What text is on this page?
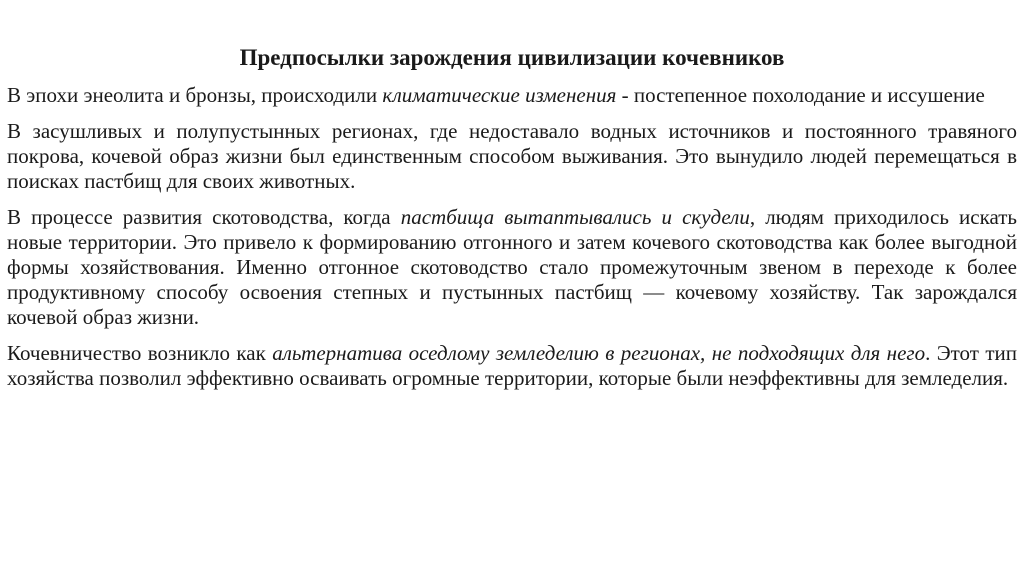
Предпосылки зарождения цивилизации кочевников
В эпохи энеолита и бронзы, происходили климатические изменения - постепенное похолодание и иссушение
В засушливых и полупустынных регионах, где недоставало водных источников и постоянного травяного покрова, кочевой образ жизни был единственным способом выживания. Это вынудило людей перемещаться в поисках пастбищ для своих животных.
В процессе развития скотоводства, когда пастбища вытаптывались и скудели, людям приходилось искать новые территории. Это привело к формированию отгонного и затем кочевого скотоводства как более выгодной формы хозяйствования. Именно отгонное скотоводство стало промежуточным звеном в переходе к более продуктивному способу освоения степных и пустынных пастбищ — кочевому хозяйству. Так зарождался кочевой образ жизни.
Кочевничество возникло как альтернатива оседлому земледелию в регионах, не подходящих для него. Этот тип хозяйства позволил эффективно осваивать огромные территории, которые были неэффективны для земледелия.
